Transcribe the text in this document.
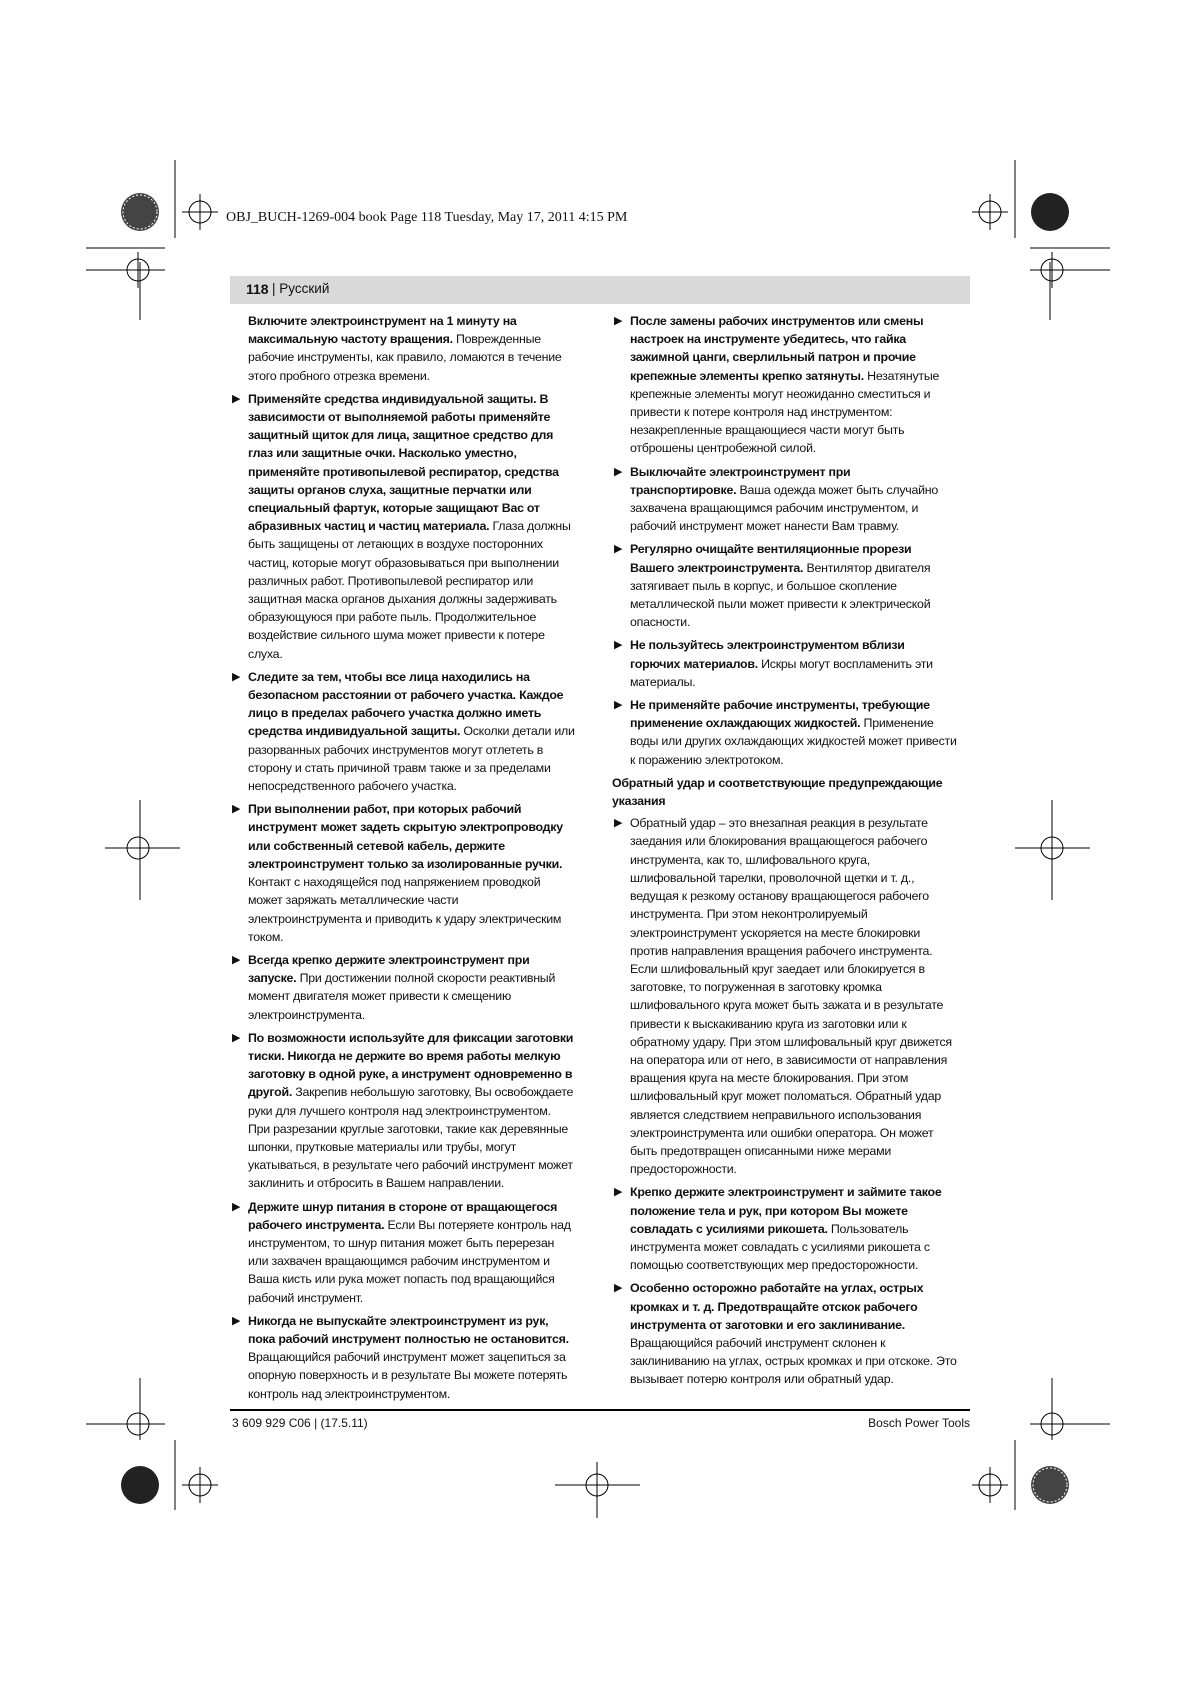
OBJ_BUCH-1269-004 book Page 118 Tuesday, May 17, 2011 4:15 PM
118 | Русский
Включите электроинструмент на 1 минуту на максимальную частоту вращения. Поврежденные рабочие инструменты, как правило, ломаются в течение этого пробного отрезка времени.
▶ Применяйте средства индивидуальной защиты. В зависимости от выполняемой работы применяйте защитный щиток для лица, защитное средство для глаз или защитные очки. Насколько уместно, применяйте противопылевой респиратор, средства защиты органов слуха, защитные перчатки или специальный фартук, которые защищают Вас от абразивных частиц и частиц материала. Глаза должны быть защищены от летающих в воздухе посторонних частиц, которые могут образовываться при выполнении различных работ. Противопылевой респиратор или защитная маска органов дыхания должны задерживать образующуюся при работе пыль. Продолжительное воздействие сильного шума может привести к потере слуха.
▶ Следите за тем, чтобы все лица находились на безопасном расстоянии от рабочего участка. Каждое лицо в пределах рабочего участка должно иметь средства индивидуальной защиты. Осколки детали или разорванных рабочих инструментов могут отлететь в сторону и стать причиной травм также и за пределами непосредственного рабочего участка.
▶ При выполнении работ, при которых рабочий инструмент может задеть скрытую электропроводку или собственный сетевой кабель, держите электроинструмент только за изолированные ручки. Контакт с находящейся под напряжением проводкой может заряжать металлические части электроинструмента и приводить к удару электрическим током.
▶ Всегда крепко держите электроинструмент при запуске. При достижении полной скорости реактивный момент двигателя может привести к смещению электроинструмента.
▶ По возможности используйте для фиксации заготовки тиски. Никогда не держите во время работы мелкую заготовку в одной руке, а инструмент одновременно в другой. Закрепив небольшую заготовку, Вы освобождаете руки для лучшего контроля над электроинструментом. При разрезании круглые заготовки, такие как деревянные шпонки, прутковые материалы или трубы, могут укатываться, в результате чего рабочий инструмент может заклинить и отбросить в Вашем направлении.
▶ Держите шнур питания в стороне от вращающегося рабочего инструмента. Если Вы потеряете контроль над инструментом, то шнур питания может быть перерезан или захвачен вращающимся рабочим инструментом и Ваша кисть или рука может попасть под вращающийся рабочий инструмент.
▶ Никогда не выпускайте электроинструмент из рук, пока рабочий инструмент полностью не остановится. Вращающийся рабочий инструмент может зацепиться за опорную поверхность и в результате Вы можете потерять контроль над электроинструментом.
▶ После замены рабочих инструментов или смены настроек на инструменте убедитесь, что гайка зажимной цанги, сверлильный патрон и прочие крепежные элементы крепко затянуты. Незатянутые крепежные элементы могут неожиданно сместиться и привести к потере контроля над инструментом: незакрепленные вращающиеся части могут быть отброшены центробежной силой.
▶ Выключайте электроинструмент при транспортировке. Ваша одежда может быть случайно захвачена вращающимся рабочим инструментом, и рабочий инструмент может нанести Вам травму.
▶ Регулярно очищайте вентиляционные прорези Вашего электроинструмента. Вентилятор двигателя затягивает пыль в корпус, и большое скопление металлической пыли может привести к электрической опасности.
▶ Не пользуйтесь электроинструментом вблизи горючих материалов. Искры могут воспламенить эти материалы.
▶ Не применяйте рабочие инструменты, требующие применение охлаждающих жидкостей. Применение воды или других охлаждающих жидкостей может привести к поражению электротоком.
Обратный удар и соответствующие предупреждающие указания
▶ Обратный удар – это внезапная реакция в результате заедания или блокирования вращающегося рабочего инструмента, как то, шлифовального круга, шлифовальной тарелки, проволочной щетки и т. д., ведущая к резкому останову вращающегося рабочего инструмента. При этом неконтролируемый электроинструмент ускоряется на месте блокировки против направления вращения рабочего инструмента. Если шлифовальный круг заедает или блокируется в заготовке, то погруженная в заготовку кромка шлифовального круга может быть зажата и в результате привести к выскакиванию круга из заготовки или к обратному удару. При этом шлифовальный круг движется на оператора или от него, в зависимости от направления вращения круга на месте блокирования. При этом шлифовальный круг может поломаться. Обратный удар является следствием неправильного использования электроинструмента или ошибки оператора. Он может быть предотвращен описанными ниже мерами предосторожности.
▶ Крепко держите электроинструмент и займите такое положение тела и рук, при котором Вы можете совладать с усилиями рикошета. Пользователь инструмента может совладать с усилиями рикошета с помощью соответствующих мер предосторожности.
▶ Особенно осторожно работайте на углах, острых кромках и т. д. Предотвращайте отскок рабочего инструмента от заготовки и его заклинивание. Вращающийся рабочий инструмент склонен к заклиниванию на углах, острых кромках и при отскоке. Это вызывает потерю контроля или обратный удар.
3 609 929 C06 | (17.5.11)	Bosch Power Tools
